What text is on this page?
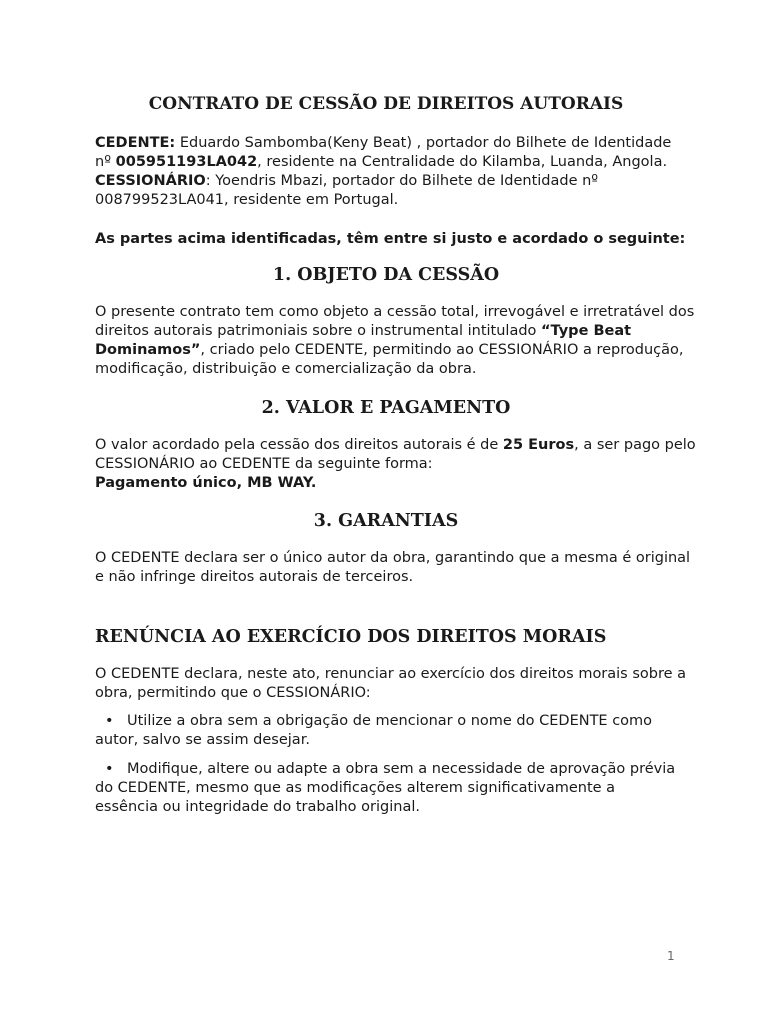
CONTRATO DE CESSÃO DE DIREITOS AUTORAIS
CEDENTE: Eduardo Sambomba(Keny Beat) , portador do Bilhete de Identidade
nº 005951193LA042, residente na Centralidade do Kilamba, Luanda, Angola.
CESSIONÁRIO: Yoendris Mbazi, portador do Bilhete de Identidade nº
008799523LA041, residente em Portugal.
As partes acima identificadas, têm entre si justo e acordado o seguinte:
1. OBJETO DA CESSÃO
O presente contrato tem como objeto a cessão total, irrevogável e irretratável dos
direitos autorais patrimoniais sobre o instrumental intitulado “Type Beat
Dominamos”, criado pelo CEDENTE, permitindo ao CESSIONÁRIO a reprodução,
modificação, distribuição e comercialização da obra.
2. VALOR E PAGAMENTO
O valor acordado pela cessão dos direitos autorais é de 25 Euros, a ser pago pelo
CESSIONÁRIO ao CEDENTE da seguinte forma:
Pagamento único, MB WAY.
3. GARANTIAS
O CEDENTE declara ser o único autor da obra, garantindo que a mesma é original
e não infringe direitos autorais de terceiros.
RENÚNCIA AO EXERCÍCIO DOS DIREITOS MORAIS
O CEDENTE declara, neste ato, renunciar ao exercício dos direitos morais sobre a
obra, permitindo que o CESSIONÁRIO:
• Utilize a obra sem a obrigação de mencionar o nome do CEDENTE como
autor, salvo se assim desejar.
• Modifique, altere ou adapte a obra sem a necessidade de aprovação prévia
do CEDENTE, mesmo que as modificações alterem significativamente a
essência ou integridade do trabalho original.
1
